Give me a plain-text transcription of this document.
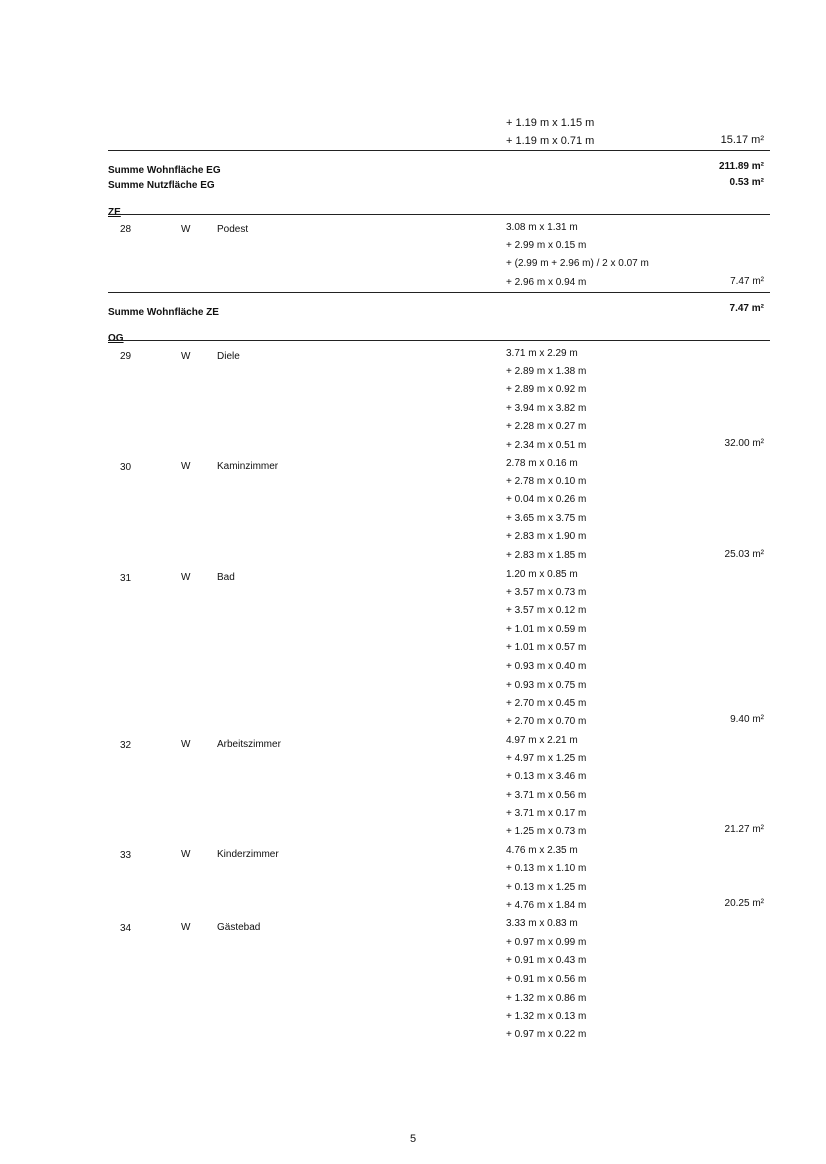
+ 1.19 m x 1.15 m
+ 1.19 m x 0.71 m	15.17 m²
Summe Wohnfläche EG	211.89 m²
Summe Nutzfläche EG	0.53 m²
ZE
28	W	Podest	3.08 m x 1.31 m
+ 2.99 m x 0.15 m
+ (2.99 m + 2.96 m) / 2 x 0.07 m
+ 2.96 m x 0.94 m	7.47 m²
Summe Wohnfläche ZE	7.47 m²
OG
29	W	Diele	3.71 m x 2.29 m
+ 2.89 m x 1.38 m
+ 2.89 m x 0.92 m
+ 3.94 m x 3.82 m
+ 2.28 m x 0.27 m
+ 2.34 m x 0.51 m	32.00 m²
30	W	Kaminzimmer	2.78 m x 0.16 m
+ 2.78 m x 0.10 m
+ 0.04 m x 0.26 m
+ 3.65 m x 3.75 m
+ 2.83 m x 1.90 m
+ 2.83 m x 1.85 m	25.03 m²
31	W	Bad	1.20 m x 0.85 m
+ 3.57 m x 0.73 m
+ 3.57 m x 0.12 m
+ 1.01 m x 0.59 m
+ 1.01 m x 0.57 m
+ 0.93 m x 0.40 m
+ 0.93 m x 0.75 m
+ 2.70 m x 0.45 m
+ 2.70 m x 0.70 m	9.40 m²
32	W	Arbeitszimmer	4.97 m x 2.21 m
+ 4.97 m x 1.25 m
+ 0.13 m x 3.46 m
+ 3.71 m x 0.56 m
+ 3.71 m x 0.17 m
+ 1.25 m x 0.73 m	21.27 m²
33	W	Kinderzimmer	4.76 m x 2.35 m
+ 0.13 m x 1.10 m
+ 0.13 m x 1.25 m
+ 4.76 m x 1.84 m	20.25 m²
34	W	Gästebad	3.33 m x 0.83 m
+ 0.97 m x 0.99 m
+ 0.91 m x 0.43 m
+ 0.91 m x 0.56 m
+ 1.32 m x 0.86 m
+ 1.32 m x 0.13 m
+ 0.97 m x 0.22 m
5
